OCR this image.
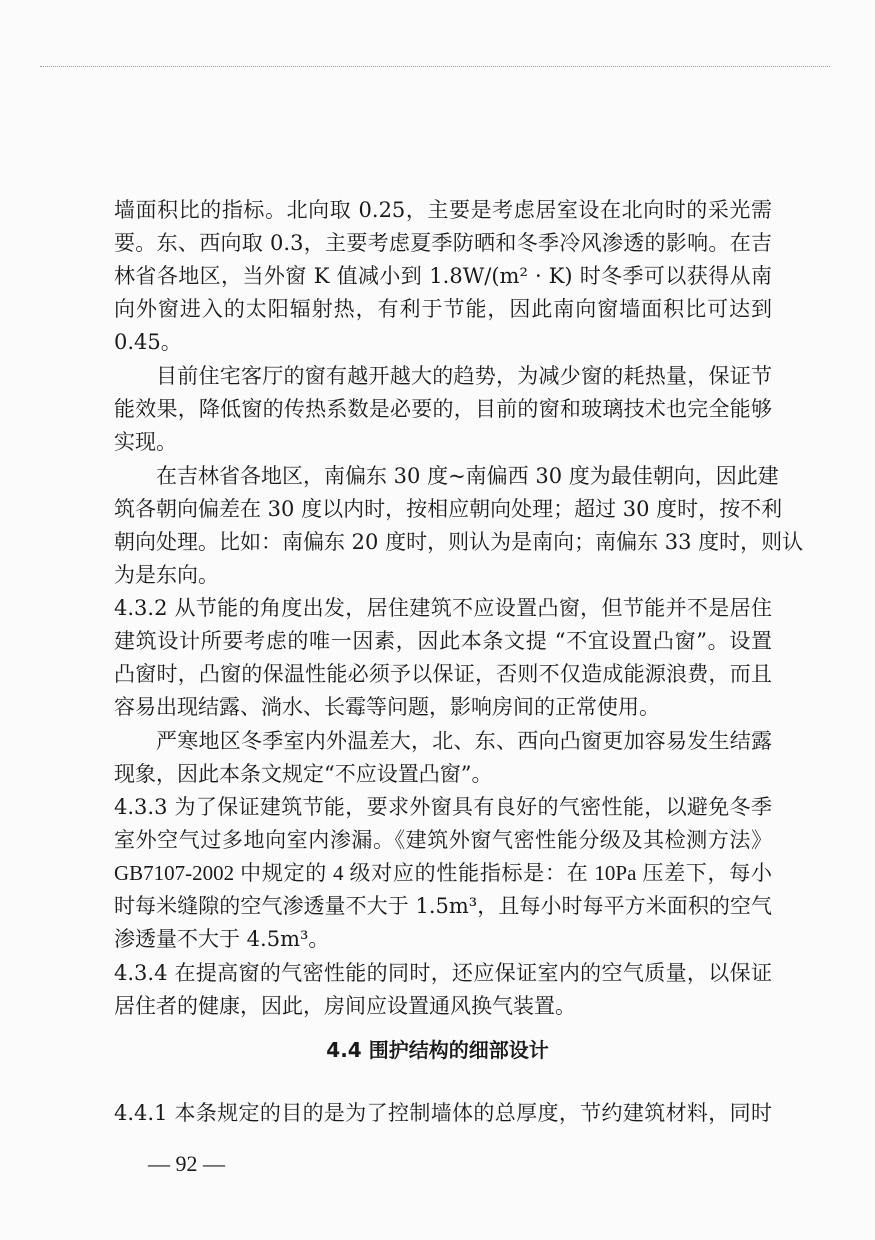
墙面积比的指标。北向取 0.25，主要是考虑居室设在北向时的采光需
要。东、西向取 0.3，主要考虑夏季防晒和冬季冷风渗透的影响。在吉
林省各地区，当外窗 K 值减小到 1.8W/(m² · K) 时冬季可以获得从南
向外窗进入的太阳辐射热，有利于节能，因此南向窗墙面积比可达到
0.45。
目前住宅客厅的窗有越开越大的趋势，为减少窗的耗热量，保证节
能效果，降低窗的传热系数是必要的，目前的窗和玻璃技术也完全能够
实现。
在吉林省各地区，南偏东 30 度~南偏西 30 度为最佳朝向，因此建
筑各朝向偏差在 30 度以内时，按相应朝向处理；超过 30 度时，按不利
朝向处理。比如：南偏东 20 度时，则认为是南向；南偏东 33 度时，则认
为是东向。
4.3.2 从节能的角度出发，居住建筑不应设置凸窗，但节能并不是居住
建筑设计所要考虑的唯一因素，因此本条文提 “不宜设置凸窗”。设置
凸窗时，凸窗的保温性能必须予以保证，否则不仅造成能源浪费，而且
容易出现结露、淌水、长霉等问题，影响房间的正常使用。
严寒地区冬季室内外温差大，北、东、西向凸窗更加容易发生结露
现象，因此本条文规定“不应设置凸窗”。
4.3.3 为了保证建筑节能，要求外窗具有良好的气密性能，以避免冬季
室外空气过多地向室内渗漏。《建筑外窗气密性能分级及其检测方法》
GB7107-2002 中规定的 4 级对应的性能指标是：在 10Pa 压差下，每小
时每米缝隙的空气渗透量不大于 1.5m³，且每小时每平方米面积的空气
渗透量不大于 4.5m³。
4.3.4 在提高窗的气密性能的同时，还应保证室内的空气质量，以保证
居住者的健康，因此，房间应设置通风换气装置。
4.4 围护结构的细部设计
4.4.1 本条规定的目的是为了控制墙体的总厚度，节约建筑材料，同时
— 92 —
